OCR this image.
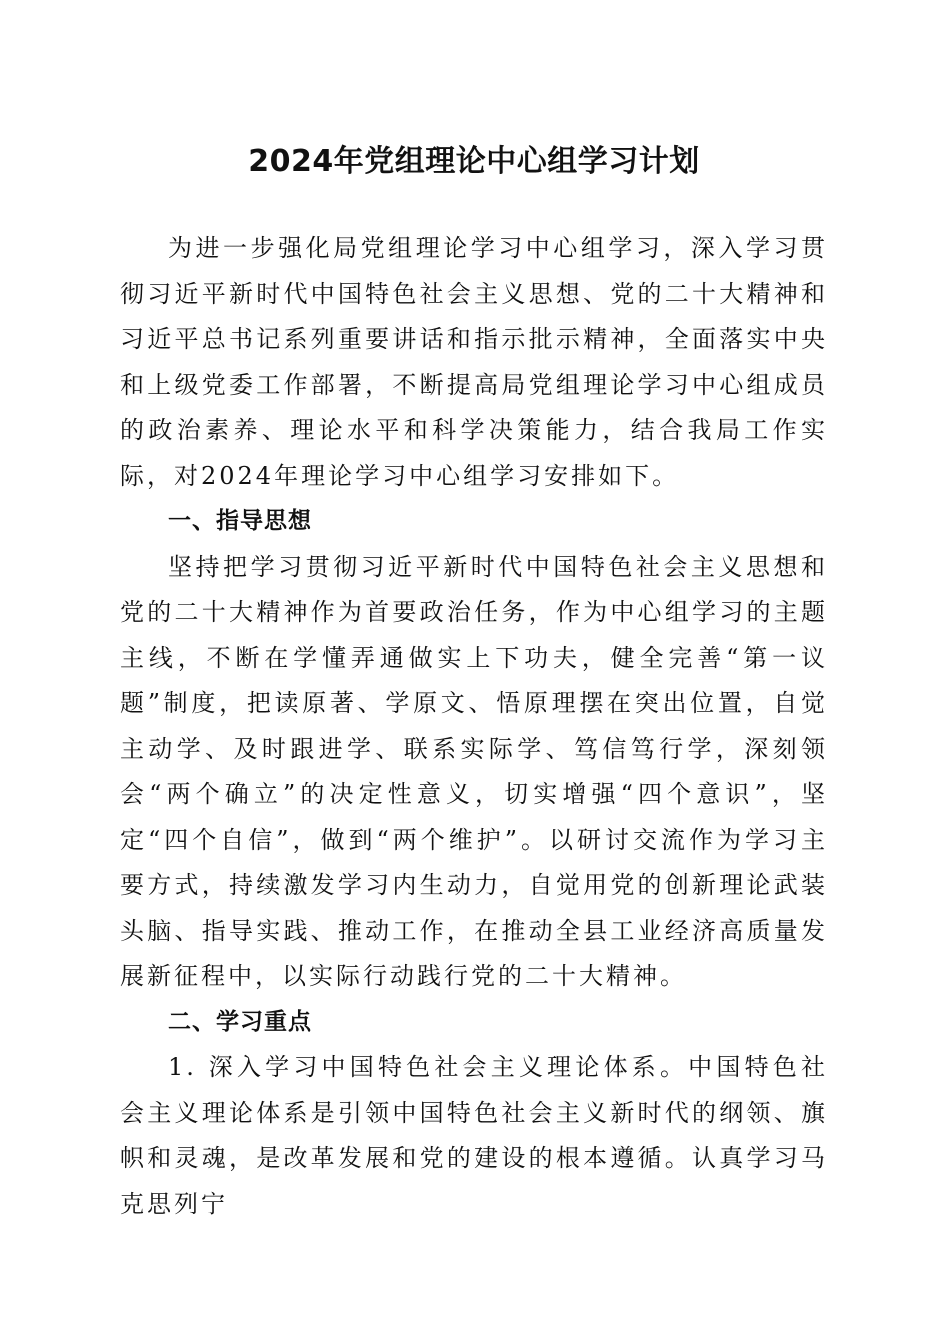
2024年党组理论中心组学习计划

为进一步强化局党组理论学习中心组学习，深入学习贯彻习近平新时代中国特色社会主义思想、党的二十大精神和习近平总书记系列重要讲话和指示批示精神，全面落实中央和上级党委工作部署，不断提高局党组理论学习中心组成员的政治素养、理论水平和科学决策能力，结合我局工作实际，对2024年理论学习中心组学习安排如下。

一、指导思想

坚持把学习贯彻习近平新时代中国特色社会主义思想和党的二十大精神作为首要政治任务，作为中心组学习的主题主线，不断在学懂弄通做实上下功夫，健全完善“第一议题”制度，把读原著、学原文、悟原理摆在突出位置，自觉主动学、及时跟进学、联系实际学、笃信笃行学，深刻领会“两个确立”的决定性意义，切实增强“四个意识”，坚定“四个自信”，做到“两个维护”。以研讨交流作为学习主要方式，持续激发学习内生动力，自觉用党的创新理论武装头脑、指导实践、推动工作，在推动全县工业经济高质量发展新征程中，以实际行动践行党的二十大精神。

二、学习重点

1. 深入学习中国特色社会主义理论体系。中国特色社会主义理论体系是引领中国特色社会主义新时代的纲领、旗帜和灵魂，是改革发展和党的建设的根本遵循。认真学习马克思列宁
